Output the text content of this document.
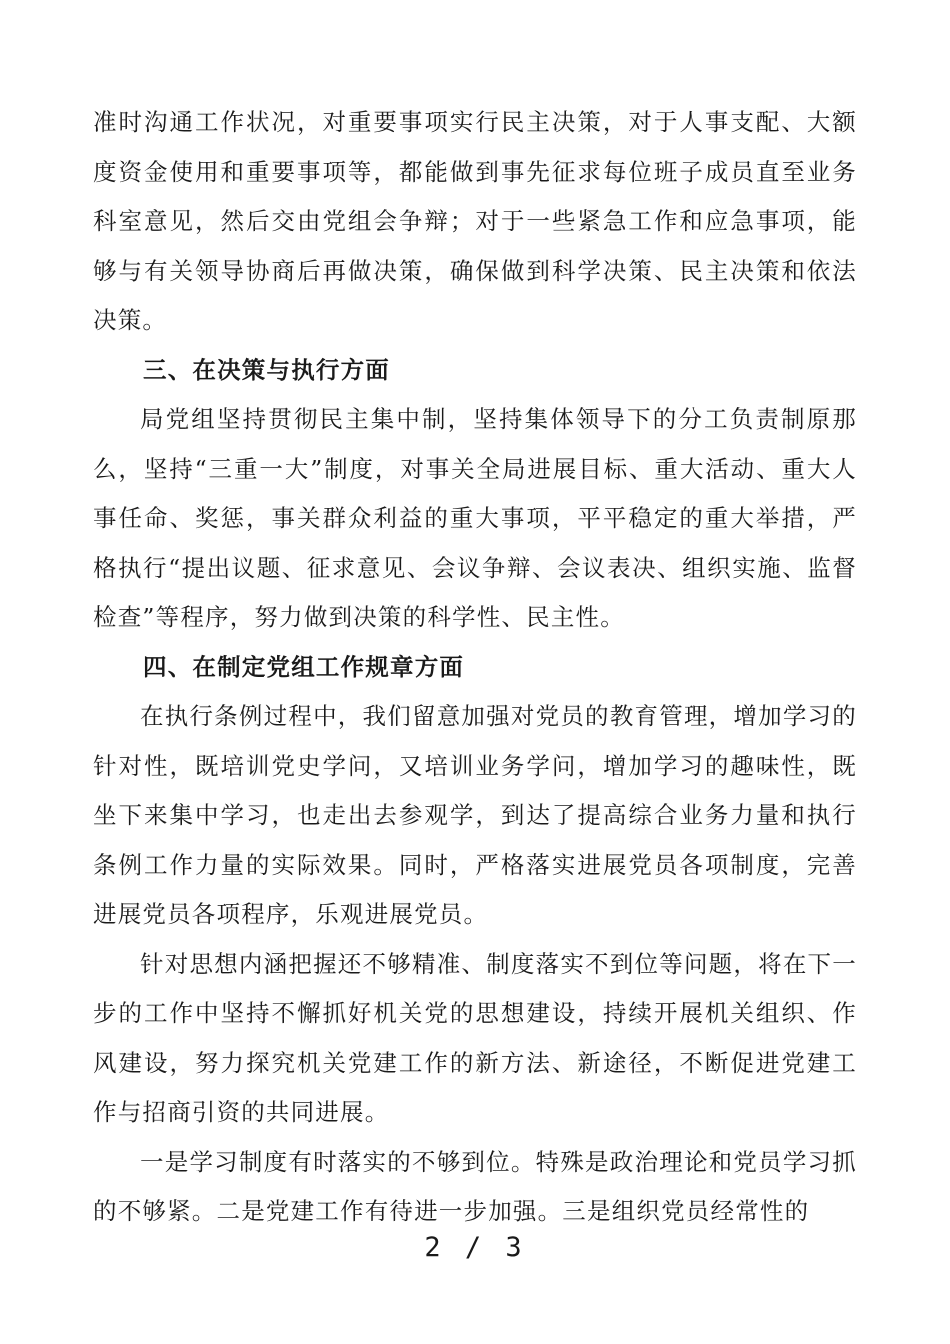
准时沟通工作状况，对重要事项实行民主决策，对于人事支配、大额度资金使用和重要事项等，都能做到事先征求每位班子成员直至业务科室意见，然后交由党组会争辩；对于一些紧急工作和应急事项，能够与有关领导协商后再做决策，确保做到科学决策、民主决策和依法决策。

三、在决策与执行方面

局党组坚持贯彻民主集中制，坚持集体领导下的分工负责制原那么，坚持“三重一大”制度，对事关全局进展目标、重大活动、重大人事任命、奖惩，事关群众利益的重大事项，平平稳定的重大举措，严格执行“提出议题、征求意见、会议争辩、会议表决、组织实施、监督检查”等程序，努力做到决策的科学性、民主性。

四、在制定党组工作规章方面

在执行条例过程中，我们留意加强对党员的教育管理，增加学习的针对性，既培训党史学问，又培训业务学问，增加学习的趣味性，既坐下来集中学习，也走出去参观学，到达了提高综合业务力量和执行条例工作力量的实际效果。同时，严格落实进展党员各项制度，完善进展党员各项程序，乐观进展党员。

针对思想内涵把握还不够精准、制度落实不到位等问题，将在下一步的工作中坚持不懈抓好机关党的思想建设，持续开展机关组织、作风建设，努力探究机关党建工作的新方法、新途径，不断促进党建工作与招商引资的共同进展。

一是学习制度有时落实的不够到位。特殊是政治理论和党员学习抓的不够紧。二是党建工作有待进一步加强。三是组织党员经常性的

2 / 3
